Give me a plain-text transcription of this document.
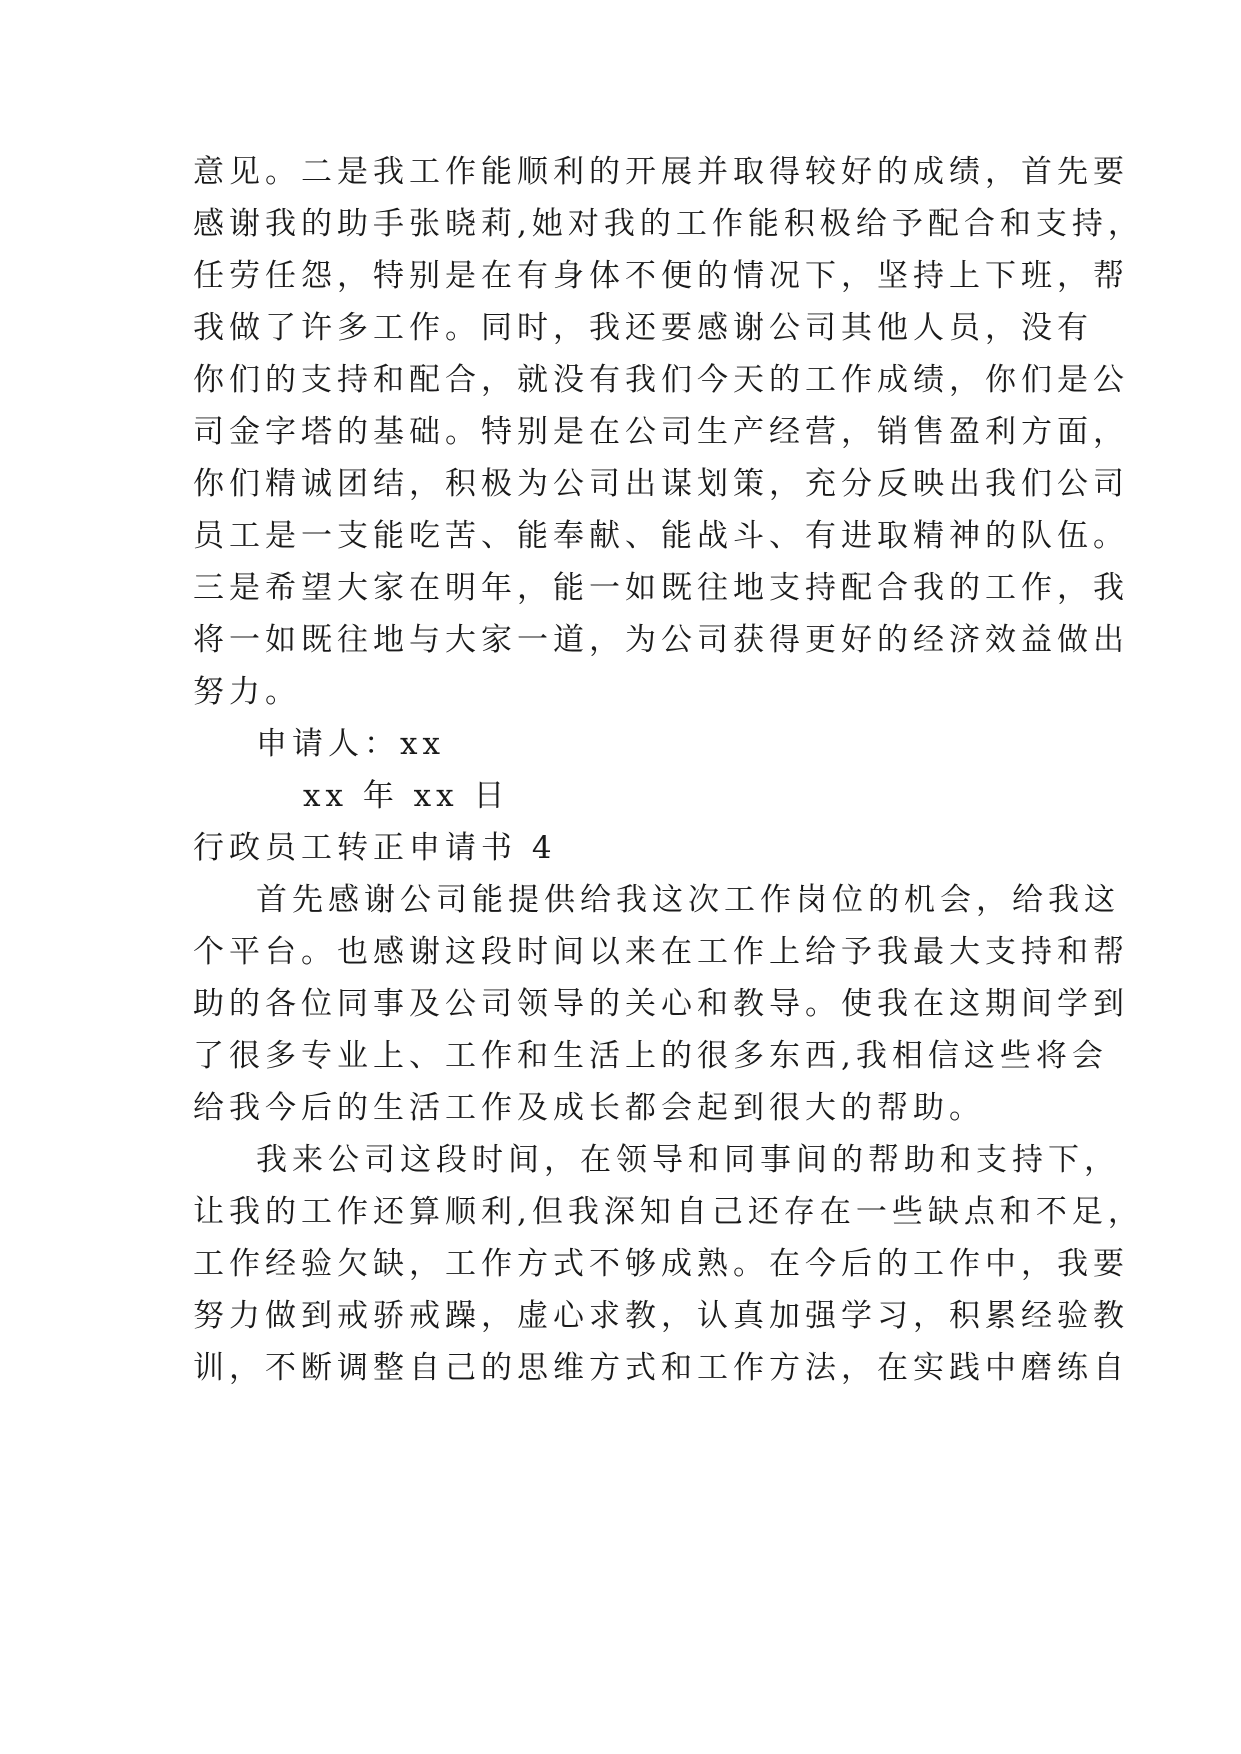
意见。二是我工作能顺利的开展并取得较好的成绩，首先要
感谢我的助手张晓莉,她对我的工作能积极给予配合和支持，
任劳任怨，特别是在有身体不便的情况下，坚持上下班，帮
我做了许多工作。同时，我还要感谢公司其他人员，没有
你们的支持和配合，就没有我们今天的工作成绩，你们是公
司金字塔的基础。特别是在公司生产经营，销售盈利方面，
你们精诚团结，积极为公司出谋划策，充分反映出我们公司
员工是一支能吃苦、能奉献、能战斗、有进取精神的队伍。
三是希望大家在明年，能一如既往地支持配合我的工作，我
将一如既往地与大家一道，为公司获得更好的经济效益做出
努力。
申请人：xx
xx 年 xx 日
行政员工转正申请书 4
首先感谢公司能提供给我这次工作岗位的机会，给我这
个平台。也感谢这段时间以来在工作上给予我最大支持和帮
助的各位同事及公司领导的关心和教导。使我在这期间学到
了很多专业上、工作和生活上的很多东西,我相信这些将会
给我今后的生活工作及成长都会起到很大的帮助。
我来公司这段时间，在领导和同事间的帮助和支持下，
让我的工作还算顺利,但我深知自己还存在一些缺点和不足，
工作经验欠缺，工作方式不够成熟。在今后的工作中，我要
努力做到戒骄戒躁，虚心求教，认真加强学习，积累经验教
训，不断调整自己的思维方式和工作方法，在实践中磨练自
